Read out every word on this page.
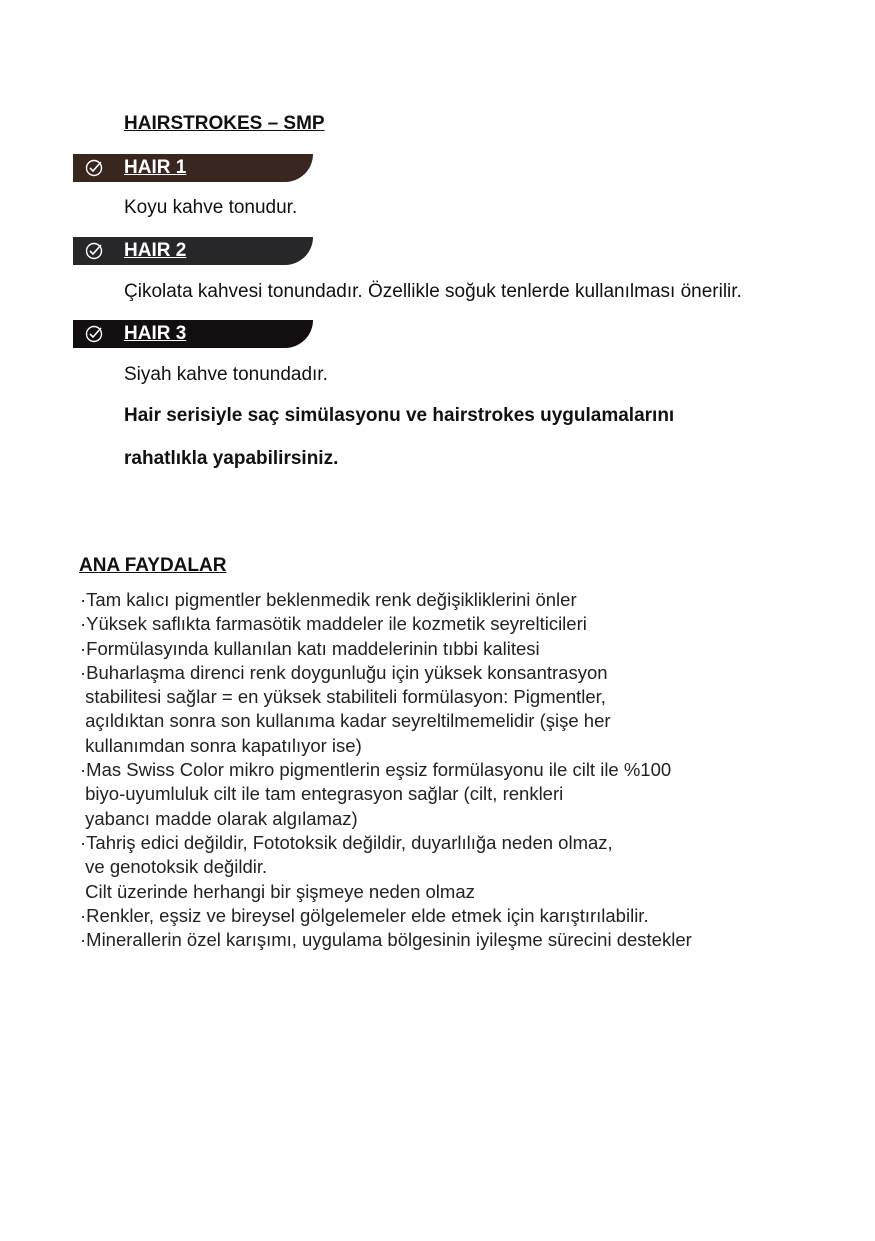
HAIRSTROKES – SMP
HAIR 1
Koyu kahve tonudur.
HAIR 2
Çikolata kahvesi tonundadır. Özellikle soğuk tenlerde kullanılması önerilir.
HAIR 3
Siyah kahve tonundadır.
Hair serisiyle saç simülasyonu ve hairstrokes uygulamalarını
rahatlıkla yapabilirsiniz.
ANA FAYDALAR
·Tam kalıcı pigmentler beklenmedik renk değişikliklerini önler
·Yüksek saflıkta farmasötik maddeler ile kozmetik seyrelticileri
·Formülasyında kullanılan katı maddelerinin tıbbi kalitesi
·Buharlaşma direnci renk doygunluğu için yüksek konsantrasyon
stabilitesi sağlar = en yüksek stabiliteli formülasyon: Pigmentler,
açıldıktan sonra son kullanıma kadar seyreltilmemelidir (şişe her
kullanımdan sonra kapatılıyor ise)
·Mas Swiss Color mikro pigmentlerin eşsiz formülasyonu ile cilt ile %100
biyo-uyumluluk cilt ile tam entegrasyon sağlar (cilt, renkleri
yabancı madde olarak algılamaz)
·Tahriş edici değildir, Fototoksik değildir, duyarlılığa neden olmaz,
ve genotoksik değildir.
Cilt üzerinde herhangi bir şişmeye neden olmaz
·Renkler, eşsiz ve bireysel gölgelemeler elde etmek için karıştırılabilir.
·Minerallerin özel karışımı, uygulama bölgesinin iyileşme sürecini destekler
